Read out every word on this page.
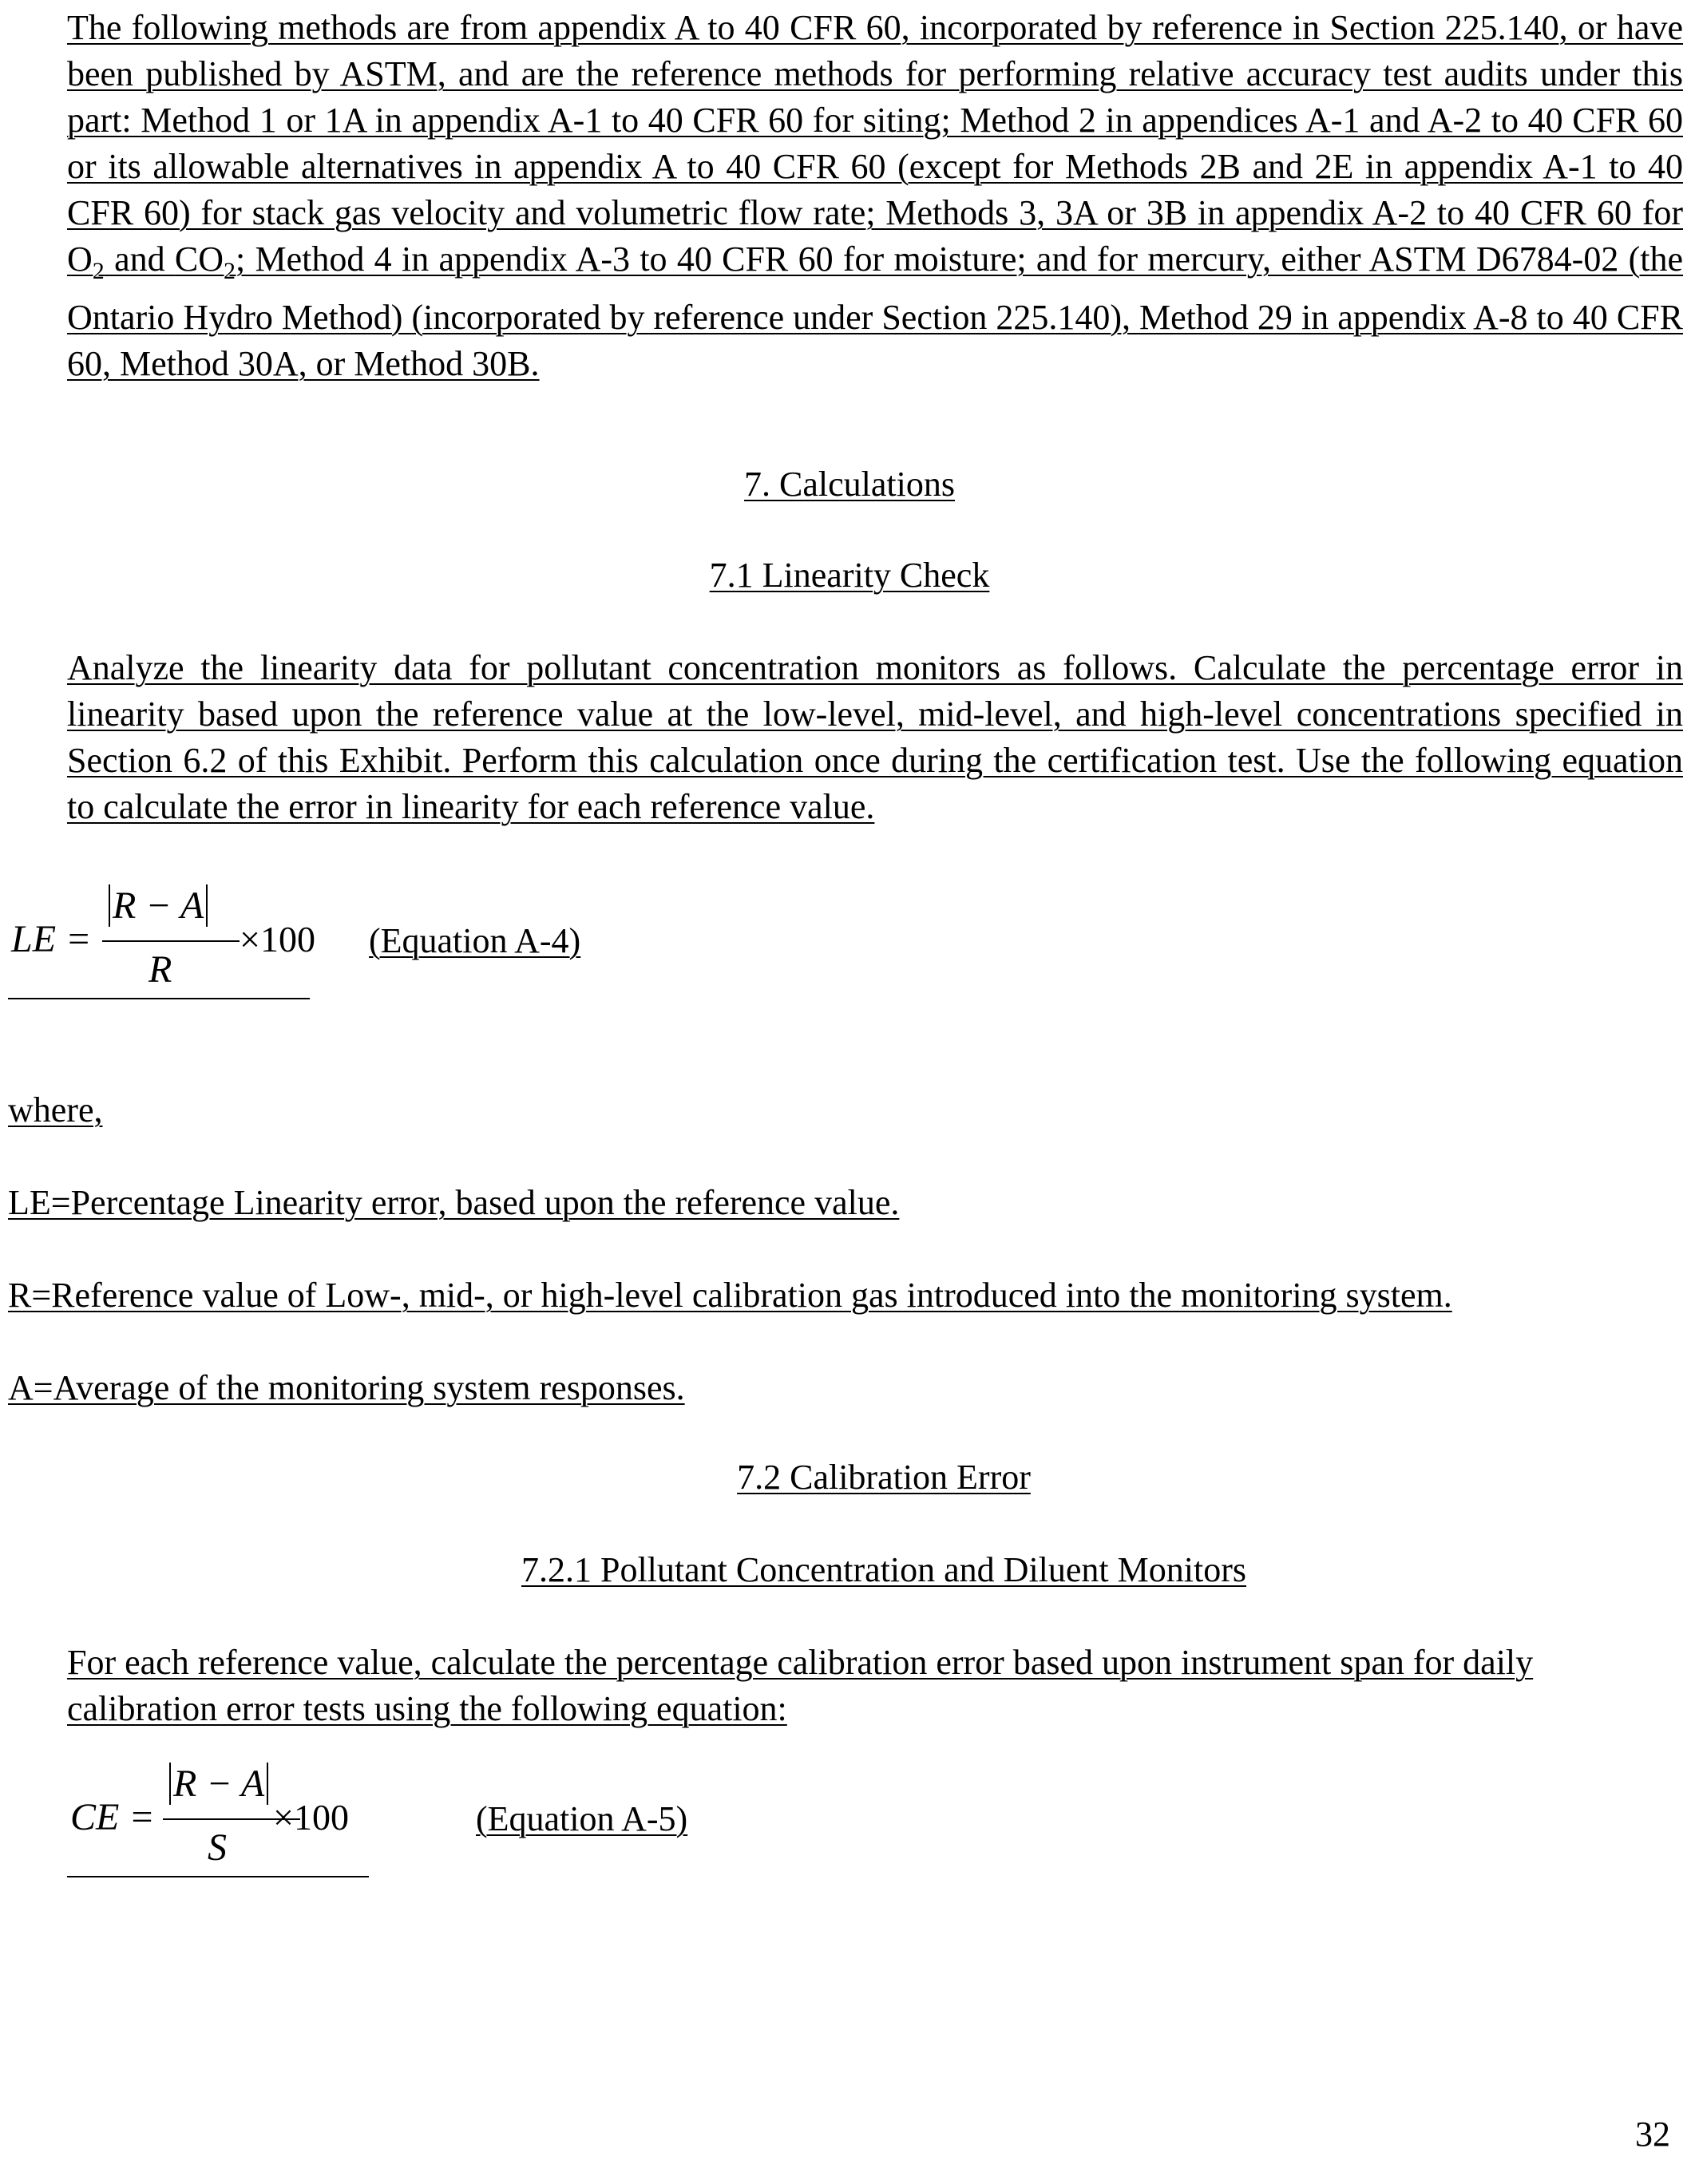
The following methods are from appendix A to 40 CFR 60, incorporated by reference in Section 225.140, or have been published by ASTM, and are the reference methods for performing relative accuracy test audits under this part: Method 1 or 1A in appendix A-1 to 40 CFR 60 for siting; Method 2 in appendices A-1 and A-2 to 40 CFR 60 or its allowable alternatives in appendix A to 40 CFR 60 (except for Methods 2B and 2E in appendix A-1 to 40 CFR 60) for stack gas velocity and volumetric flow rate; Methods 3, 3A or 3B in appendix A-2 to 40 CFR 60 for $O_2$ and $CO_2$; Method 4 in appendix A-3 to 40 CFR 60 for moisture; and for mercury, either ASTM D6784-02 (the Ontario Hydro Method) (incorporated by reference under Section 225.140), Method 29 in appendix A-8 to 40 CFR 60, Method 30A, or Method 30B.

7. Calculations
7.1 Linearity Check

Analyze the linearity data for pollutant concentration monitors as follows. Calculate the percentage error in linearity based upon the reference value at the low-level, mid-level, and high-level concentrations specified in Section 6.2 of this Exhibit. Perform this calculation once during the certification test. Use the following equation to calculate the error in linearity for each reference value.

LE =
R − A
R
×100	(Equation A-4)
where,
LE=Percentage Linearity error, based upon the reference value.
R=Reference value of Low-, mid-, or high-level calibration gas introduced into the monitoring system.
A=Average of the monitoring system responses.
7.2 Calibration Error
7.2.1 Pollutant Concentration and Diluent Monitors

For each reference value, calculate the percentage calibration error based upon instrument span for daily calibration error tests using the following equation:

CE =
R − A
S
×100	(Equation A-5)
32
